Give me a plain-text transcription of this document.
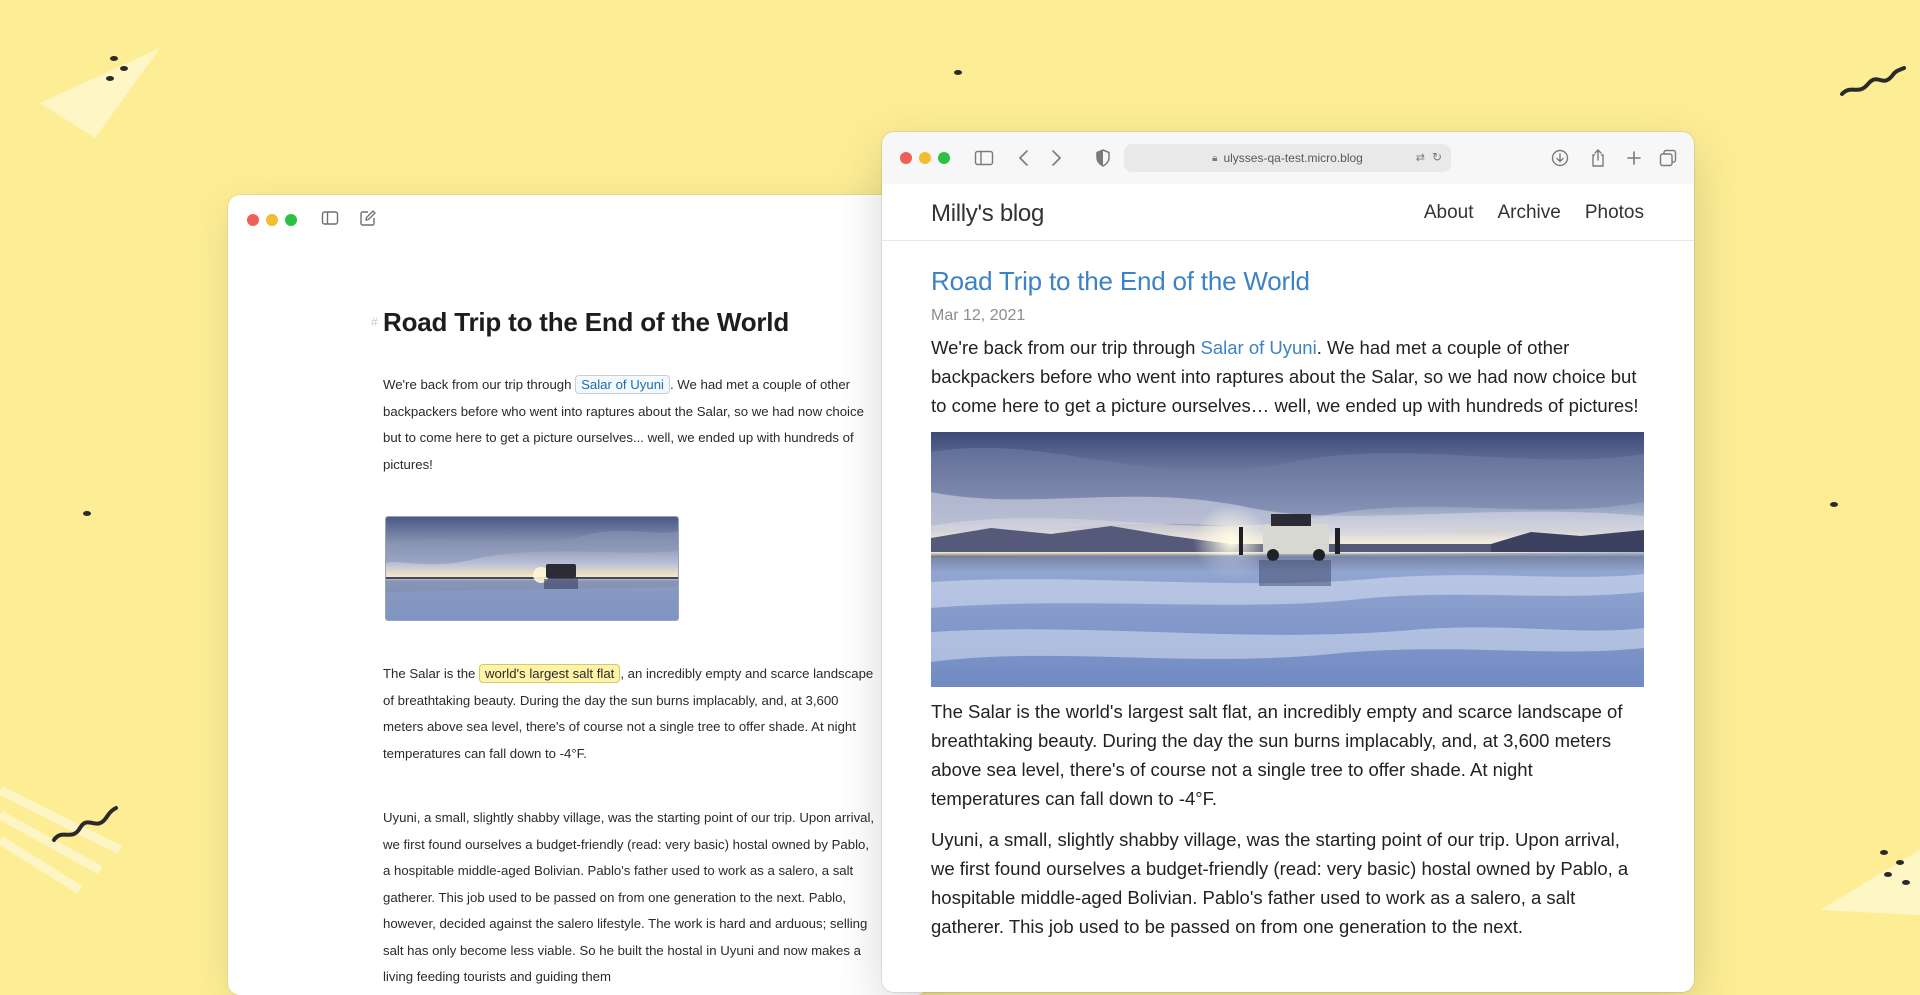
# Road Trip to the End of the World

We're back from our trip through Salar of Uyuni . We had met a couple of other backpackers before who went into raptures about the Salar, so we had now choice but to come here to get a picture ourselves... well, we ended up with hundreds of pictures!

The Salar is the world's largest salt flat , an incredibly empty and scarce landscape of breathtaking beauty. During the day the sun burns implacably, and, at 3,600 meters above sea level, there's of course not a single tree to offer shade. At night temperatures can fall down to -4°F.

Uyuni, a small, slightly shabby village, was the starting point of our trip. Upon arrival, we first found ourselves a budget-friendly (read: very basic) hostal owned by Pablo, a hospitable middle-aged Bolivian. Pablo's father used to work as a salero, a salt gatherer. This job used to be passed on from one generation to the next. Pablo, however, decided against the salero lifestyle. The work is hard and arduous; selling salt has only become less viable. So he built the hostal in Uyuni and now makes a living feeding tourists and guiding them

🔒︎ ulysses-qa-test.micro.blog	⇄ ↻
Milly's blog	About Archive Photos
Road Trip to the End of the World
Mar 12, 2021

We're back from our trip through Salar of Uyuni. We had met a couple of other backpackers before who went into raptures about the Salar, so we had now choice but to come here to get a picture ourselves… well, we ended up with hundreds of pictures!

The Salar is the world's largest salt flat, an incredibly empty and scarce landscape of breathtaking beauty. During the day the sun burns implacably, and, at 3,600 meters above sea level, there's of course not a single tree to offer shade. At night temperatures can fall down to -4°F.

Uyuni, a small, slightly shabby village, was the starting point of our trip. Upon arrival, we first found ourselves a budget-friendly (read: very basic) hostal owned by Pablo, a hospitable middle-aged Bolivian. Pablo's father used to work as a salero, a salt gatherer. This job used to be passed on from one generation to the next.
